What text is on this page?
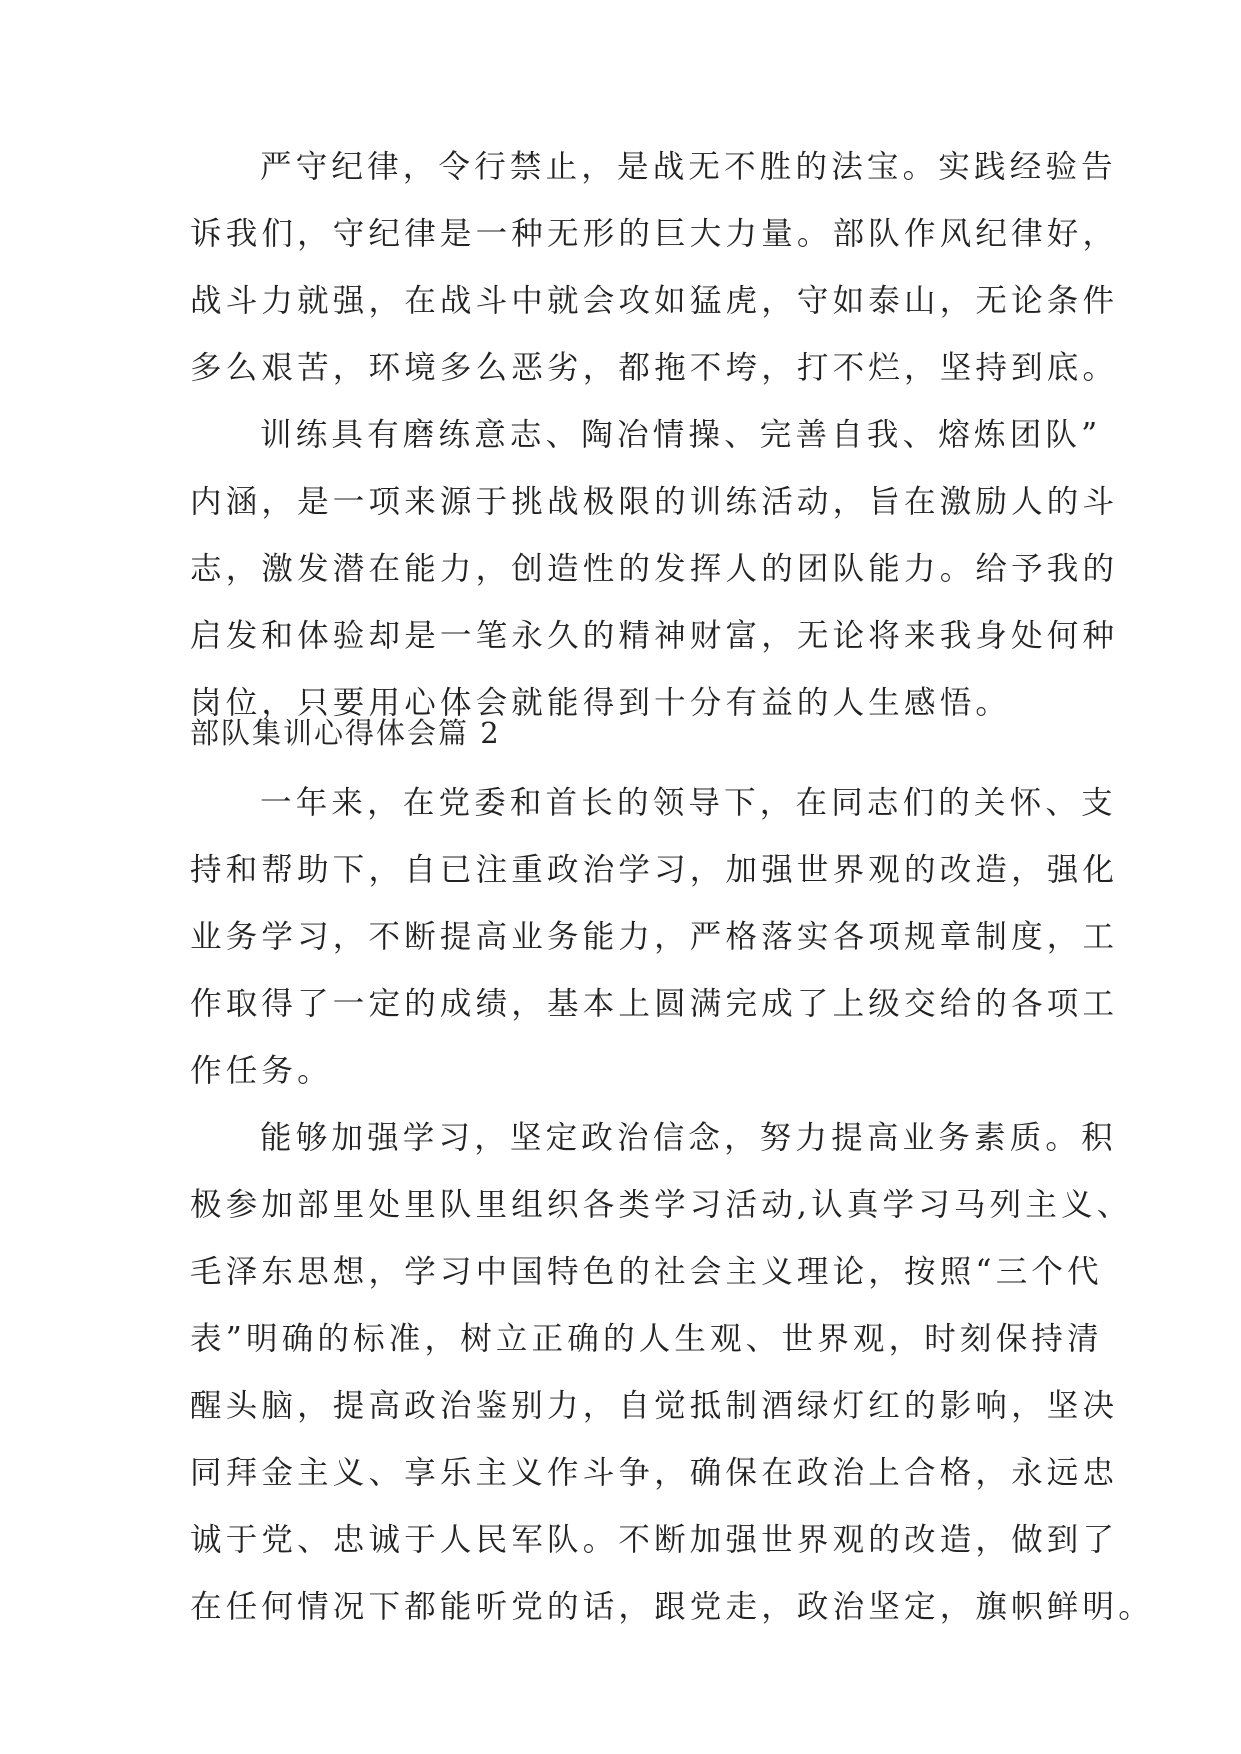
严守纪律，令行禁止，是战无不胜的法宝。实践经验告
诉我们，守纪律是一种无形的巨大力量。部队作风纪律好，
战斗力就强，在战斗中就会攻如猛虎，守如泰山，无论条件
多么艰苦，环境多么恶劣，都拖不垮，打不烂，坚持到底。
训练具有磨练意志、陶冶情操、完善自我、熔炼团队”
内涵，是一项来源于挑战极限的训练活动，旨在激励人的斗
志，激发潜在能力，创造性的发挥人的团队能力。给予我的
启发和体验却是一笔永久的精神财富，无论将来我身处何种
岗位，只要用心体会就能得到十分有益的人生感悟。
部队集训心得体会篇 2
一年来，在党委和首长的领导下，在同志们的关怀、支
持和帮助下，自已注重政治学习，加强世界观的改造，强化
业务学习，不断提高业务能力，严格落实各项规章制度，工
作取得了一定的成绩，基本上圆满完成了上级交给的各项工
作任务。
能够加强学习，坚定政治信念，努力提高业务素质。积
极参加部里处里队里组织各类学习活动,认真学习马列主义、
毛泽东思想，学习中国特色的社会主义理论，按照“三个代
表”明确的标准，树立正确的人生观、世界观，时刻保持清
醒头脑，提高政治鉴别力，自觉抵制酒绿灯红的影响，坚决
同拜金主义、享乐主义作斗争，确保在政治上合格，永远忠
诚于党、忠诚于人民军队。不断加强世界观的改造，做到了
在任何情况下都能听党的话，跟党走，政治坚定，旗帜鲜明。
